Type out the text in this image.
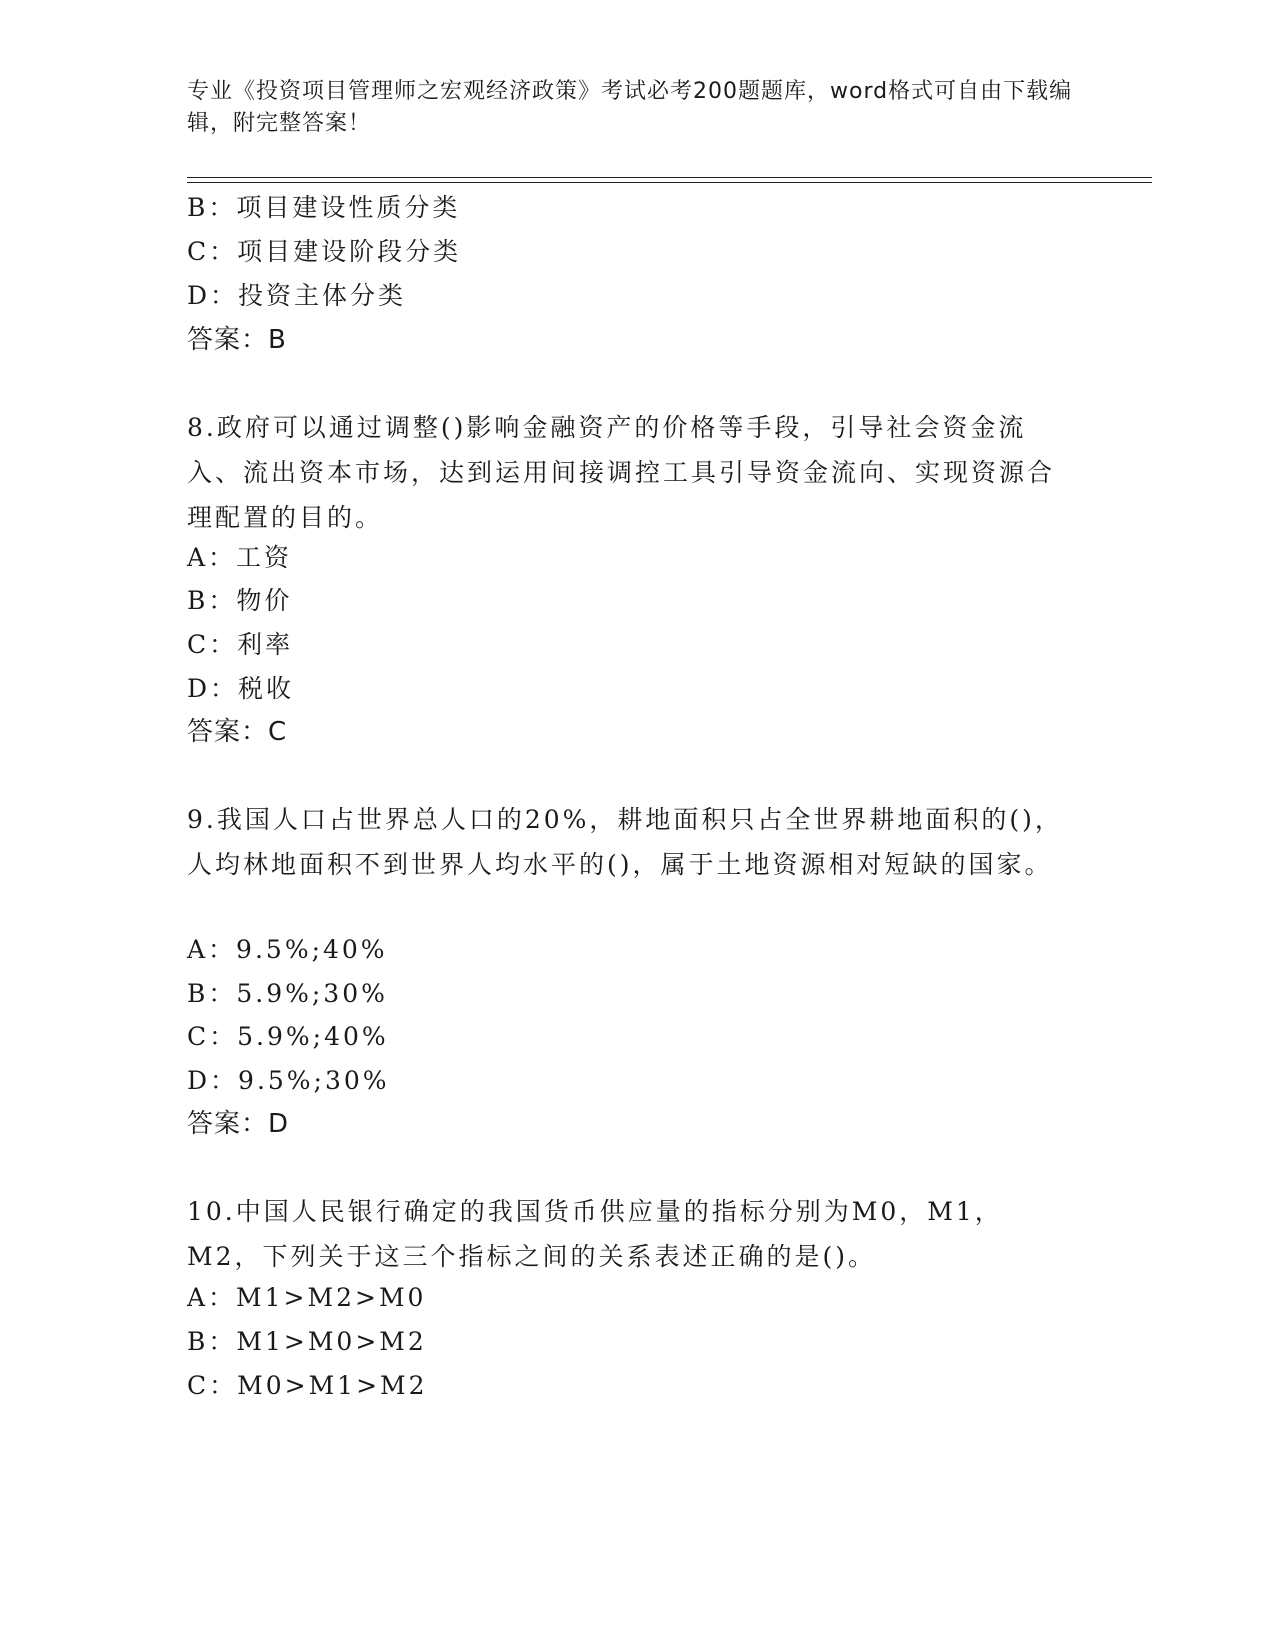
专业《投资项目管理师之宏观经济政策》考试必考200题题库，word格式可自由下载编辑，附完整答案！

B：项目建设性质分类
C：项目建设阶段分类
D：投资主体分类
答案：B

8.政府可以通过调整()影响金融资产的价格等手段，引导社会资金流入、流出资本市场，达到运用间接调控工具引导资金流向、实现资源合理配置的目的。

A：工资
B：物价
C：利率
D：税收
答案：C

9.我国人口占世界总人口的20%，耕地面积只占全世界耕地面积的()，人均林地面积不到世界人均水平的()，属于土地资源相对短缺的国家。

A：9.5%;40%
B：5.9%;30%
C：5.9%;40%
D：9.5%;30%
答案：D

10.中国人民银行确定的我国货币供应量的指标分别为M0，M1，M2，下列关于这三个指标之间的关系表述正确的是()。

A：M1>M2>M0
B：M1>M0>M2
C：M0>M1>M2
